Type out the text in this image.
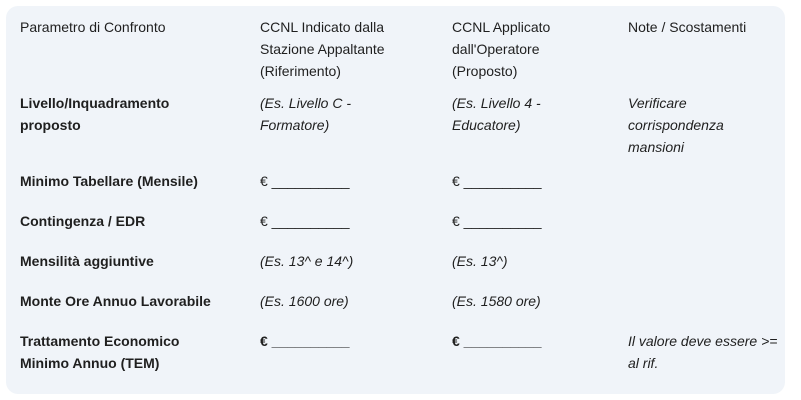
Parametro di Confronto	CCNL Indicato dalla Stazione Appaltante (Riferimento)	CCNL Applicato dall'Operatore (Proposto)	Note / Scostamenti

Livello/Inquadramento proposto	(Es. Livello C - Formatore)	(Es. Livello 4 - Educatore)	Verificare corrispondenza mansioni

Minimo Tabellare (Mensile)	€ __________	€ __________	

Contingenza / EDR	€ __________	€ __________	

Mensilità aggiuntive	(Es. 13^ e 14^)	(Es. 13^)	

Monte Ore Annuo Lavorabile	(Es. 1600 ore)	(Es. 1580 ore)	

Trattamento Economico Minimo Annuo (TEM)	€ __________	€ __________	Il valore deve essere >= al rif.
